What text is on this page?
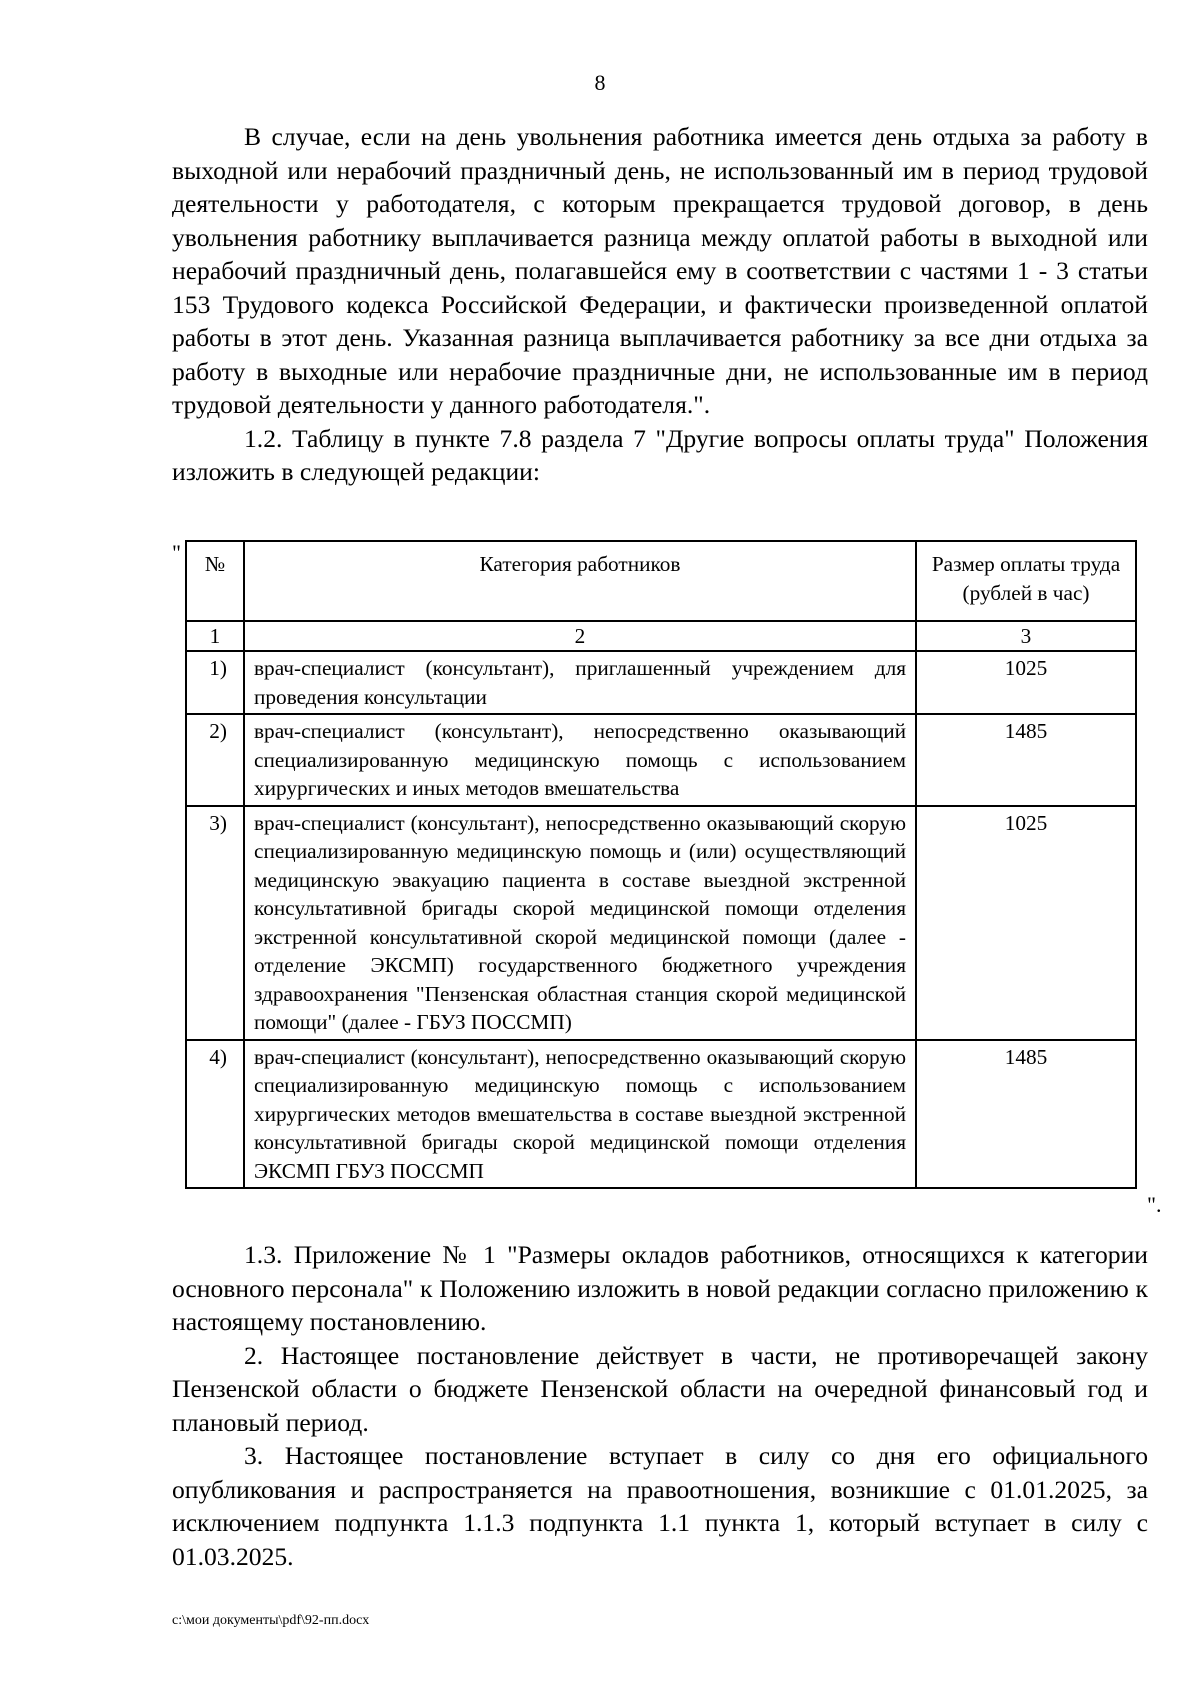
8

В случае, если на день увольнения работника имеется день отдыха за работу в выходной или нерабочий праздничный день, не использованный им в период трудовой деятельности у работодателя, с которым прекращается трудовой договор, в день увольнения работнику выплачивается разница между оплатой работы в выходной или нерабочий праздничный день, полагавшейся ему в соответствии с частями 1 - 3 статьи 153 Трудового кодекса Российской Федерации, и фактически произведенной оплатой работы в этот день. Указанная разница выплачивается работнику за все дни отдыха за работу в выходные или нерабочие праздничные дни, не использованные им в период трудовой деятельности у данного работодателя.".

1.2. Таблицу в пункте 7.8 раздела 7 "Другие вопросы оплаты труда" Положения изложить в следующей редакции:

" №	Категория работников	Размер оплаты труда (рублей в час)
1	2	3
1)	врач-специалист (консультант), приглашенный учреждением для проведения консультации	1025
2)	врач-специалист (консультант), непосредственно оказывающий специализированную медицинскую помощь с использованием хирургических и иных методов вмешательства	1485
3)	врач-специалист (консультант), непосредственно оказывающий скорую специализированную медицинскую помощь и (или) осуществляющий медицинскую эвакуацию пациента в составе выездной экстренной консультативной бригады скорой медицинской помощи отделения экстренной консультативной скорой медицинской помощи (далее - отделение ЭКСМП) государственного бюджетного учреждения здравоохранения "Пензенская областная станция скорой медицинской помощи" (далее - ГБУЗ ПОССМП)	1025
4)	врач-специалист (консультант), непосредственно оказывающий скорую специализированную медицинскую помощь с использованием хирургических методов вмешательства в составе выездной экстренной консультативной бригады скорой медицинской помощи отделения ЭКСМП ГБУЗ ПОССМП	1485
".

1.3. Приложение № 1 "Размеры окладов работников, относящихся к категории основного персонала" к Положению изложить в новой редакции согласно приложению к настоящему постановлению.

2. Настоящее постановление действует в части, не противоречащей закону Пензенской области о бюджете Пензенской области на очередной финансовый год и плановый период.

3. Настоящее постановление вступает в силу со дня его официального опубликования и распространяется на правоотношения, возникшие с 01.01.2025, за исключением подпункта 1.1.3 подпункта 1.1 пункта 1, который вступает в силу с 01.03.2025.

c:\мои документы\pdf\92-пп.docx
